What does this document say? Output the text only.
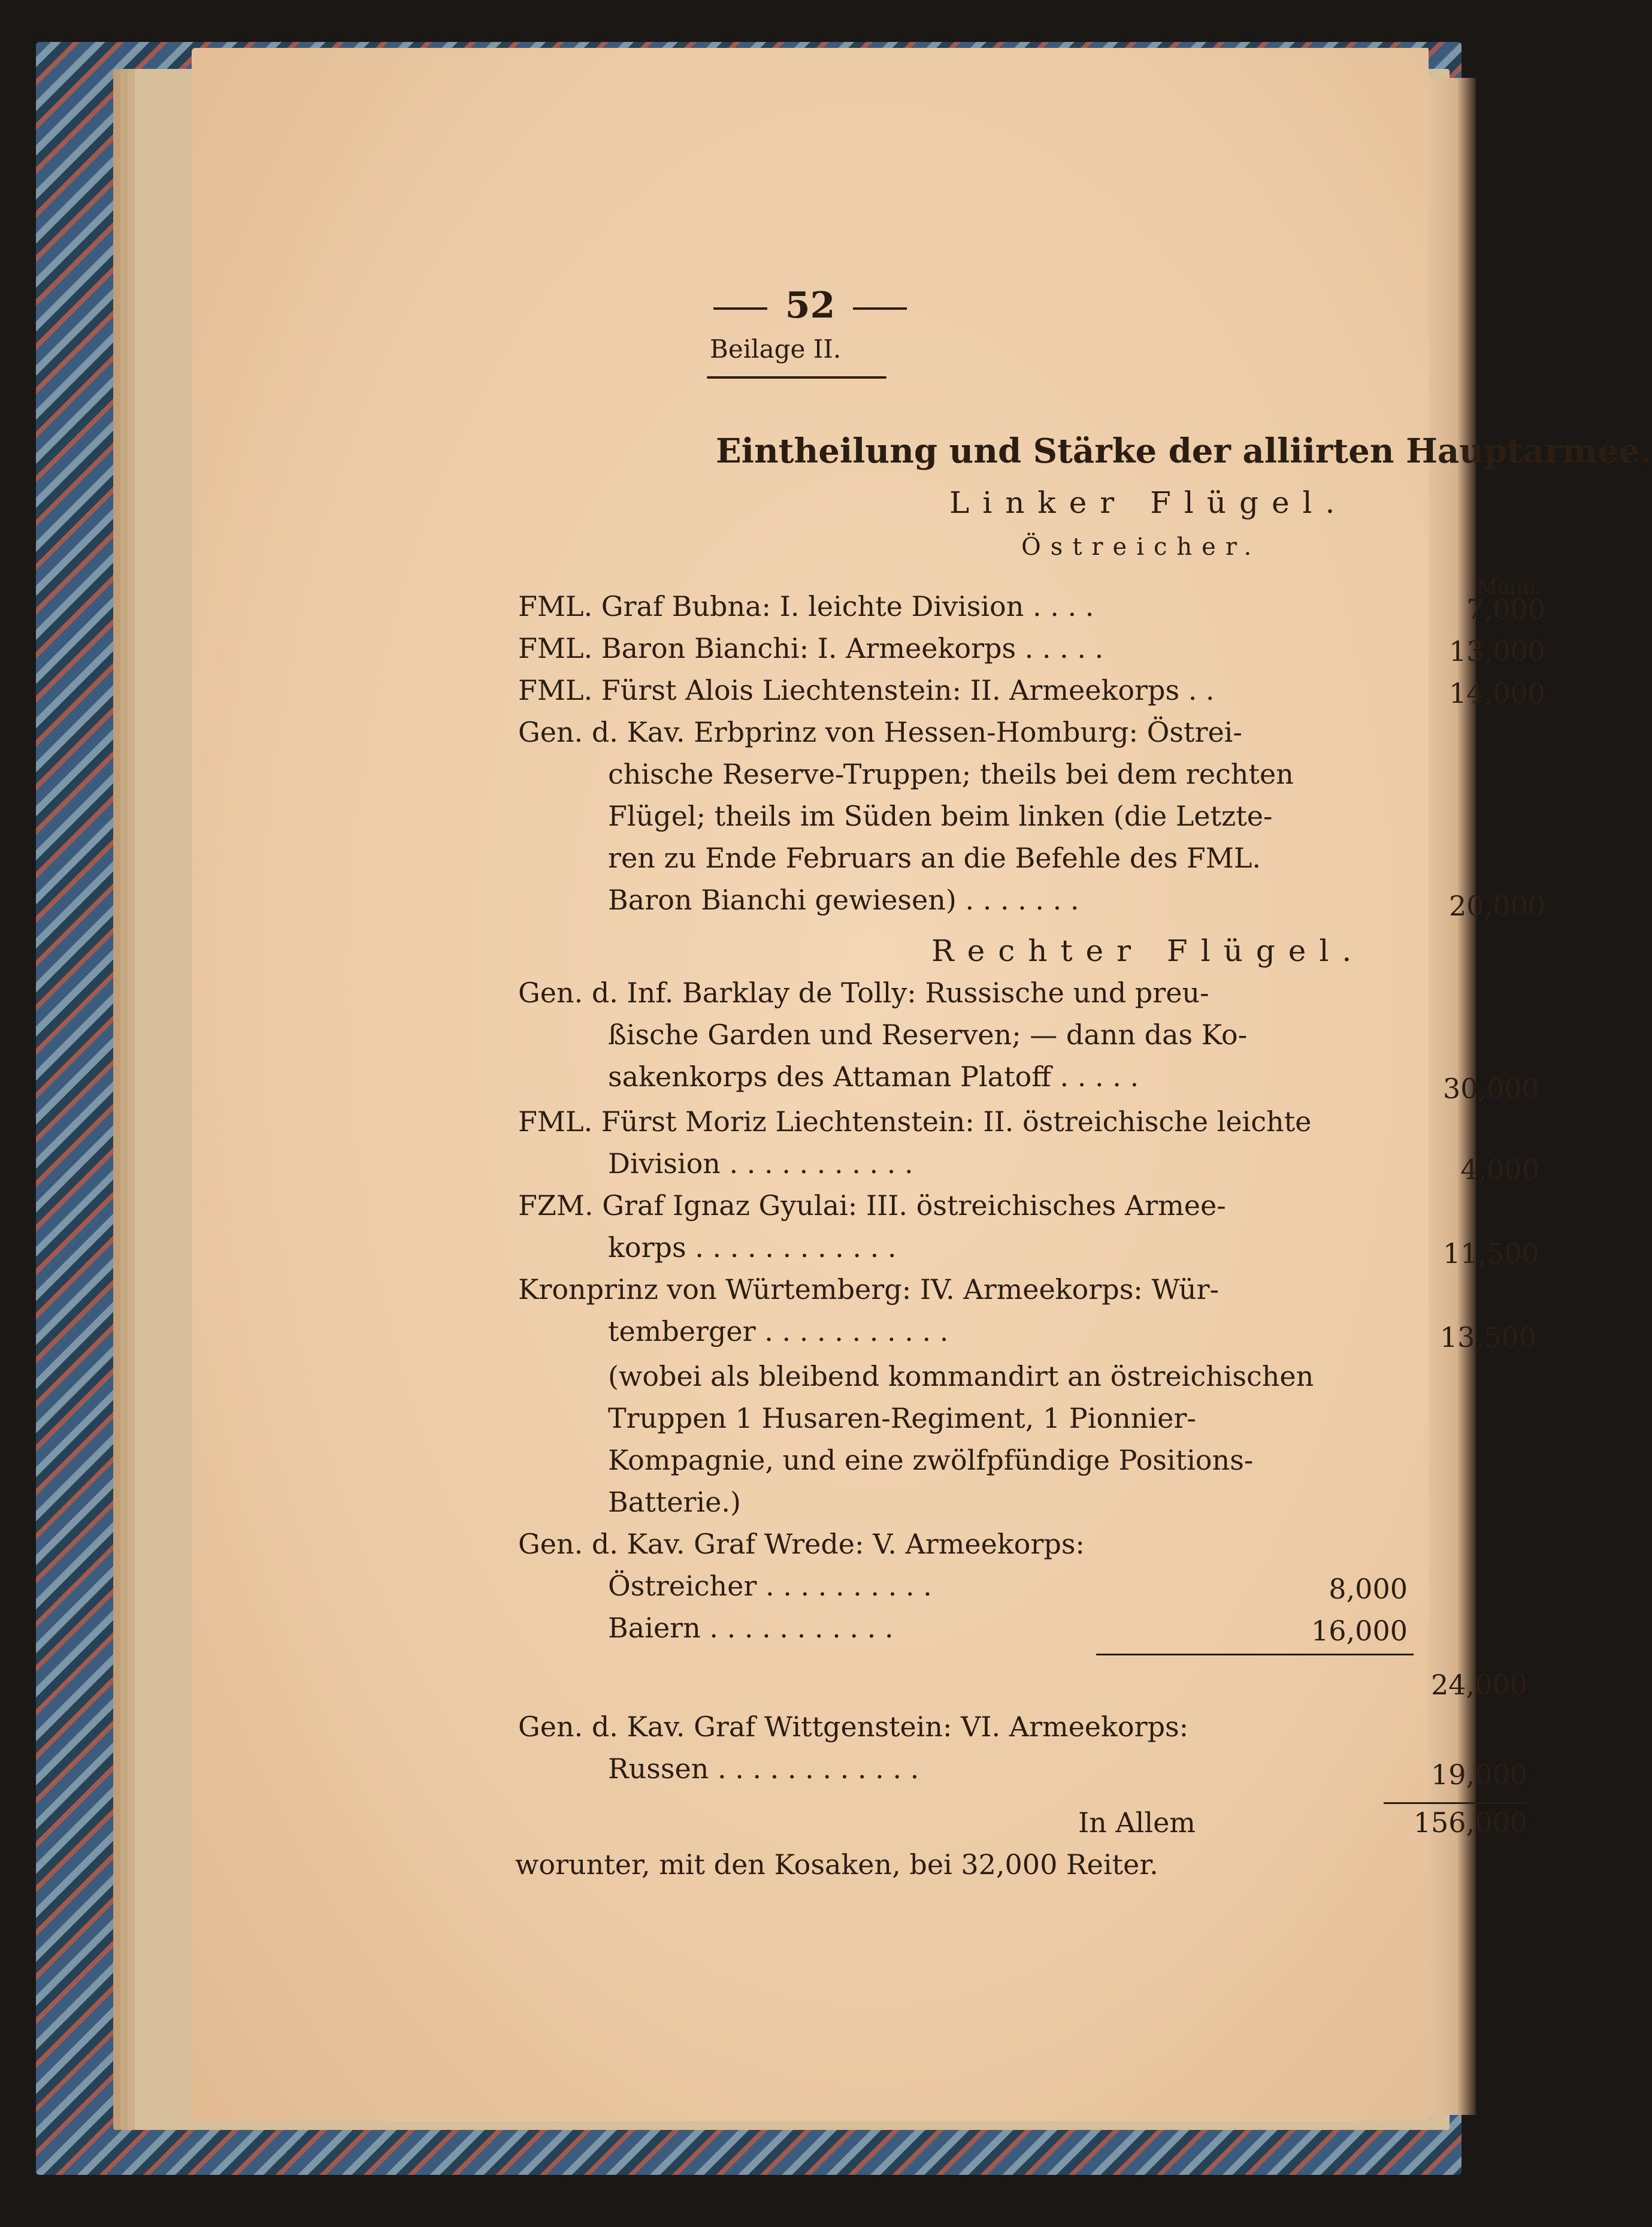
52
Beilage II.
Eintheilung und Stärke der alliirten Hauptarmee.
Linker Flügel.
Östreicher.
Mann.
Rechter Flügel.
FML. Graf Bubna: I. leichte Division . . . .	7,000
FML. Baron Bianchi: I. Armeekorps . . . . .	13,000
FML. Fürst Alois Liechtenstein: II. Armeekorps . .	14,000
Gen. d. Kav. Erbprinz von Hessen-Homburg: Östrei-
chische Reserve-Truppen; theils bei dem rechten
Flügel; theils im Süden beim linken (die Letzte-
ren zu Ende Februars an die Befehle des FML.
Baron Bianchi gewiesen) . . . . . . .	20,000
Gen. d. Inf. Barklay de Tolly: Russische und preu-
ßische Garden und Reserven; — dann das Ko-
sakenkorps des Attaman Platoff . . . . .	30,000
FML. Fürst Moriz Liechtenstein: II. östreichische leichte
Division . . . . . . . . . . .	4,000
FZM. Graf Ignaz Gyulai: III. östreichisches Armee-
korps . . . . . . . . . . . .	11,500
Kronprinz von Würtemberg: IV. Armeekorps: Wür-
temberger . . . . . . . . . . .	13,500
(wobei als bleibend kommandirt an östreichischen
Truppen 1 Husaren-Regiment, 1 Pionnier-
Kompagnie, und eine zwölfpfündige Positions-
Batterie.)
Gen. d. Kav. Graf Wrede: V. Armeekorps:
Östreicher . . . . . . . . . .	8,000
Baiern . . . . . . . . . . .	16,000
24,000
Gen. d. Kav. Graf Wittgenstein: VI. Armeekorps:
Russen . . . . . . . . . . . .	19,000
In Allem	156,000
worunter, mit den Kosaken, bei 32,000 Reiter.
